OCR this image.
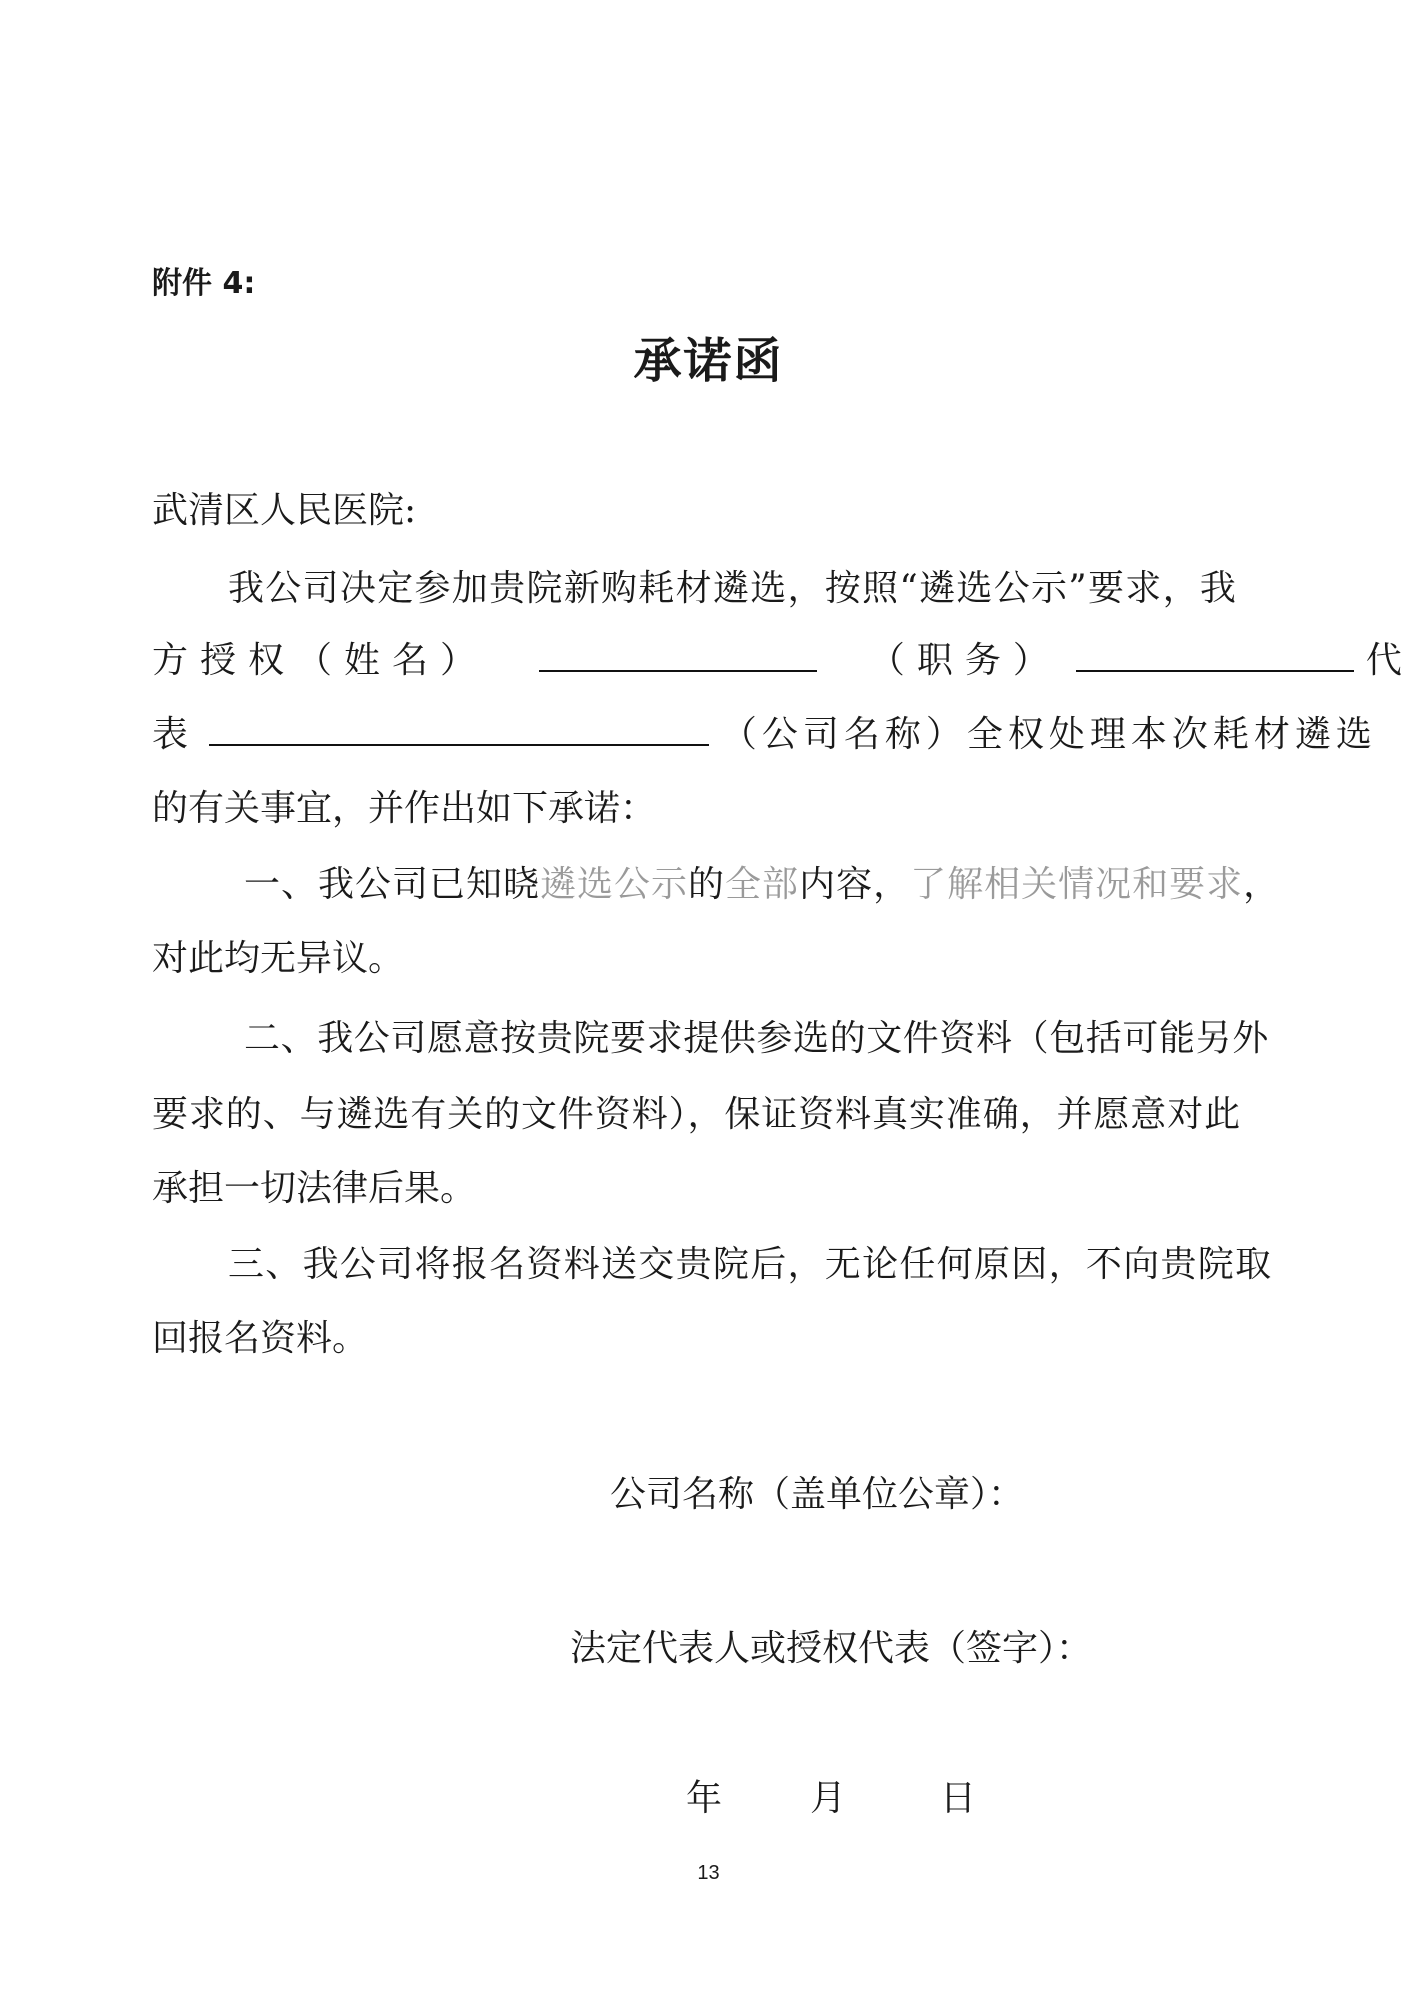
附件 4:
承诺函
武清区人民医院:
我公司决定参加贵院新购耗材遴选，按照“遴选公示”要求，我
方授权（姓名）	（职务）	代
表	（公司名称）全权处理本次耗材遴选
的有关事宜，并作出如下承诺：
一、我公司已知晓遴选公示的全部内容，了解相关情况和要求，
对此均无异议。
二、我公司愿意按贵院要求提供参选的文件资料（包括可能另外
要求的、与遴选有关的文件资料），保证资料真实准确，并愿意对此
承担一切法律后果。
三、我公司将报名资料送交贵院后，无论任何原因，不向贵院取
回报名资料。
公司名称（盖单位公章）：
法定代表人或授权代表（签字）：
年 月	日
13
